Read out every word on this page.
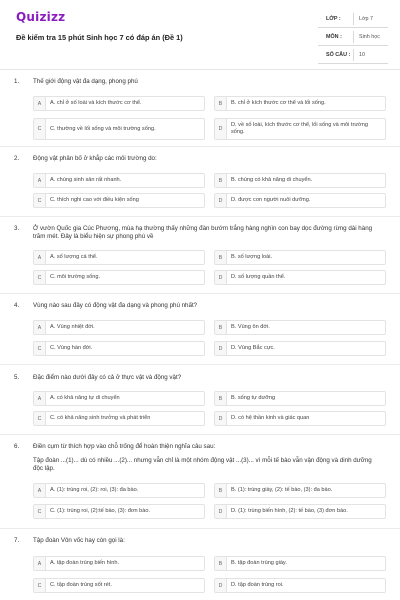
Quizizz
Đề kiểm tra 15 phút Sinh học 7 có đáp án (Đề 1)
LỚP :	Lớp 7
MÔN :	Sinh học
SỐ CÂU : 10
1. Thế giới động vật đa dạng, phong phú
A	A. chỉ ở số loài và kích thước cơ thể.	B	B. chỉ ở kích thước cơ thể và lối sống.
C	C. thường về lối sống và môi trường sống.	D
D. về số loài, kích thước cơ thể, lối sống và môi trường sống.
2. Động vật phân bố ở khắp các môi trường do:
A	A. chúng sinh sản rất nhanh.	B	B. chúng có khả năng di chuyển.
C	C. thích nghi cao với điều kiện sống	D	D. được con người nuôi dưỡng.
3. Ở vườn Quốc gia Cúc Phương, mùa hạ thường thấy những đàn bướm trắng hàng nghìn con bay dọc đường rừng dài hàng trăm mét. Đây là biểu hiện sự phong phú về
A	A. số lượng cá thể.	B	B. số lượng loài.
C	C. môi trường sống.	D	D. số lượng quần thể.
4. Vùng nào sau đây có động vật đa dạng và phong phú nhất?
A	A. Vùng nhiệt đới.	B	B. Vùng ôn đới.
C	C. Vùng hàn đới.	D	D. Vùng Bắc cực.
5. Đặc điểm nào dưới đây có cả ở thực vật và động vật?
A	A. có khả năng tự di chuyển	B	B. sống tự dưỡng
C	C. có khả năng sinh trưởng và phát triển	D	D. có hệ thần kinh và giác quan
6. Điền cụm từ thích hợp vào chỗ trống để hoàn thiện nghĩa câu sau:
Tập đoàn ...(1)... dù có nhiều ...(2)... nhưng vẫn chỉ là một nhóm động vật ...(3)... vì mỗi tế bào vẫn vận động và dinh dưỡng độc lập.
A	A. (1): trùng roi, (2): roi, (3): đa bào.	B	B. (1): trùng giày, (2): tế bào, (3): đa bào.
C	C. (1): trùng roi, (2):tế bào, (3): đơn bào.	D	D. (1): trùng biến hình, (2): tế bào, (3) đơn bào.
7. Tập đoàn Vôn vốc hay còn gọi là:
A	A. tập đoàn trùng biến hình.	B	B. tập đoàn trùng giày.
C	C. tập đoàn trùng sốt rét.	D	D. tập đoàn trùng roi.
